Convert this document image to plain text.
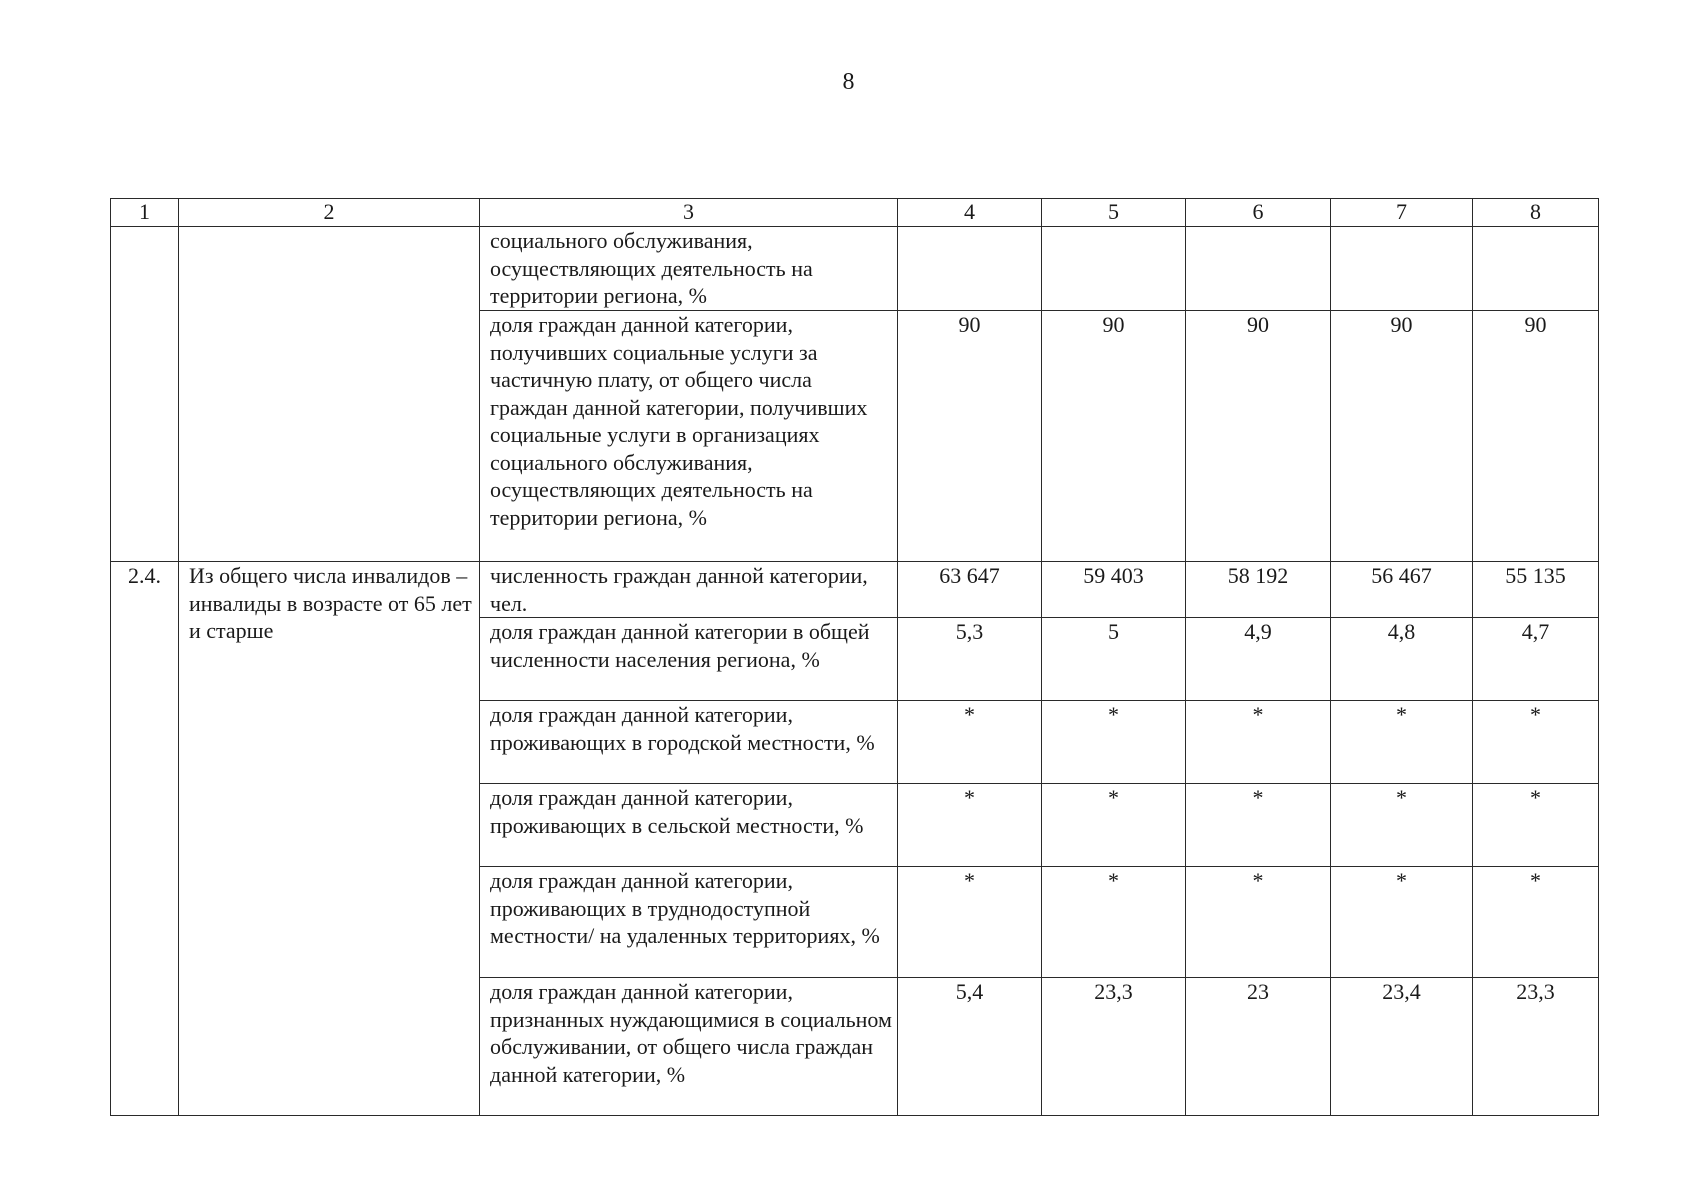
8
1	2	3	4	5	6	7	8
		социального обслуживания, осуществляющих деятельность на территории региона, %					
		доля граждан данной категории, получивших социальные услуги за частичную плату, от общего числа граждан данной категории, получивших социальные услуги в организациях социального обслуживания, осуществляющих деятельность на территории региона, %	90	90	90	90	90
2.4.	Из общего числа инвалидов – инвалиды в возрасте от 65 лет и старше	численность граждан данной категории, чел.	63 647	59 403	58 192	56 467	55 135
		доля граждан данной категории в общей численности населения региона, %	5,3	5	4,9	4,8	4,7
		доля граждан данной категории, проживающих в городской местности, %	*	*	*	*	*
		доля граждан данной категории, проживающих в сельской местности, %	*	*	*	*	*
		доля граждан данной категории, проживающих в труднодоступной местности/ на удаленных территориях, %	*	*	*	*	*
		доля граждан данной категории, признанных нуждающимися в социальном обслуживании, от общего числа граждан данной категории, %	5,4	23,3	23	23,4	23,3
